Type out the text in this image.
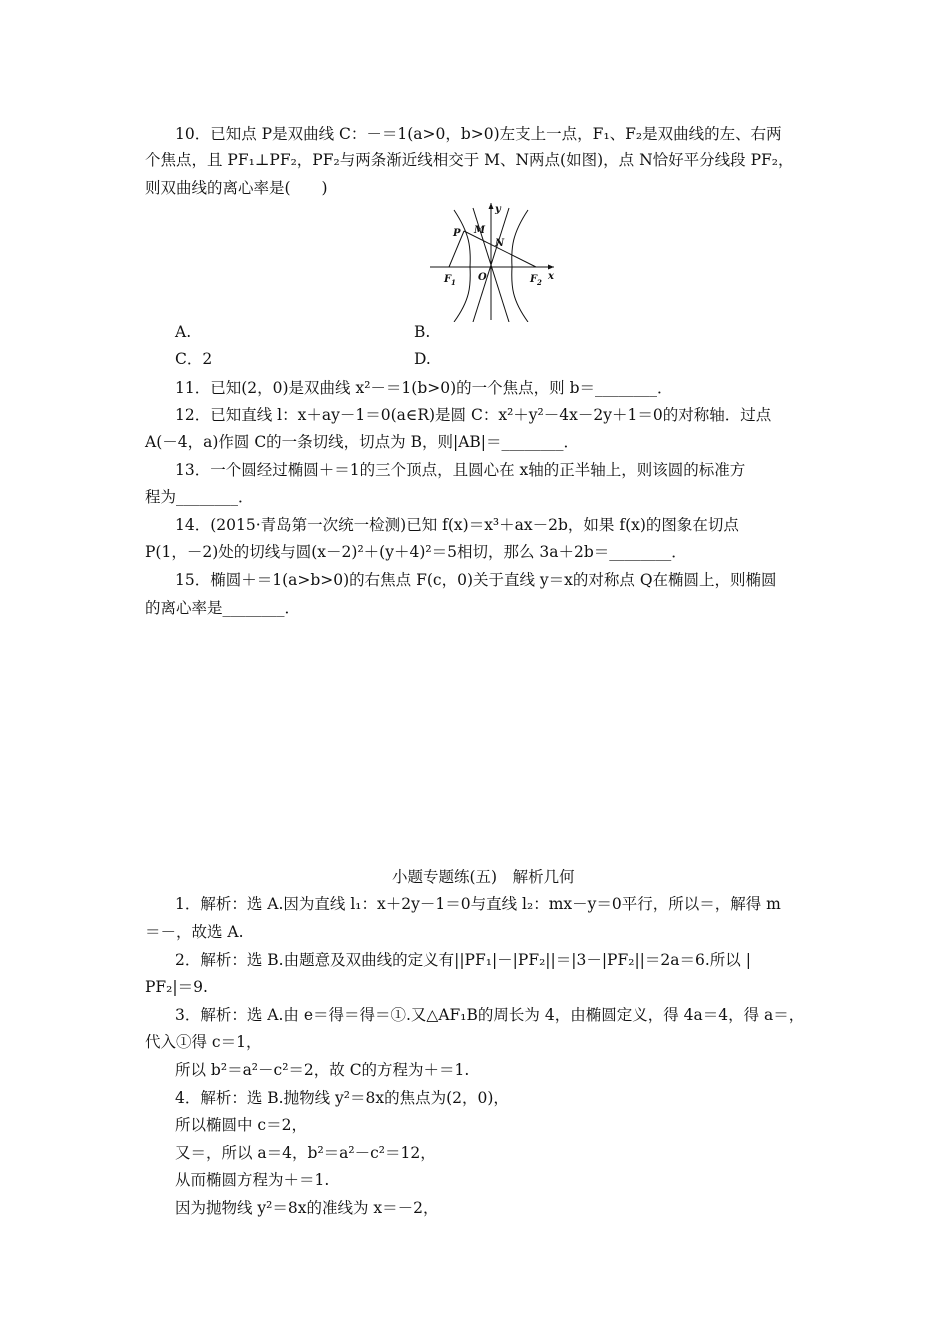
10．已知点 P是双曲线 C：－＝1(a>0，b>0)左支上一点，F₁、F₂是双曲线的左、右两
个焦点，且 PF₁⊥PF₂，PF₂与两条渐近线相交于 M、N两点(如图)，点 N恰好平分线段 PF₂，
则双曲线的离心率是(　　)
P M
N
O
F 1	F 2
x
y
A.	B.
C．2	D.
11．已知(2，0)是双曲线 x²－＝1(b>0)的一个焦点，则 b＝________．
12．已知直线 l：x＋ay－1＝0(a∈R)是圆 C：x²＋y²－4x－2y＋1＝0的对称轴．过点
A(－4，a)作圆 C的一条切线，切点为 B，则|AB|＝________．
13．一个圆经过椭圆＋＝1的三个顶点，且圆心在 x轴的正半轴上，则该圆的标准方
程为________．
14．(2015·青岛第一次统一检测)已知 f(x)＝x³＋ax－2b，如果 f(x)的图象在切点
P(1，－2)处的切线与圆(x－2)²＋(y＋4)²＝5相切，那么 3a＋2b＝________．
15．椭圆＋＝1(a>b>0)的右焦点 F(c，0)关于直线 y＝x的对称点 Q在椭圆上，则椭圆
的离心率是________．
小题专题练(五)　解析几何
1．解析：选 A.因为直线 l₁：x＋2y－1＝0与直线 l₂：mx－y＝0平行，所以＝，解得 m
＝－，故选 A.
2．解析：选 B.由题意及双曲线的定义有||PF₁|－|PF₂||＝|3－|PF₂||＝2a＝6.所以 |
PF₂|＝9.
3．解析：选 A.由 e＝得＝得＝①.又△AF₁B的周长为 4，由椭圆定义，得 4a＝4，得 a＝，
代入①得 c＝1，
所以 b²＝a²－c²＝2，故 C的方程为＋＝1.
4．解析：选 B.抛物线 y²＝8x的焦点为(2，0)，
所以椭圆中 c＝2，
又＝，所以 a＝4，b²＝a²－c²＝12，
从而椭圆方程为＋＝1.
因为抛物线 y²＝8x的准线为 x＝－2，
